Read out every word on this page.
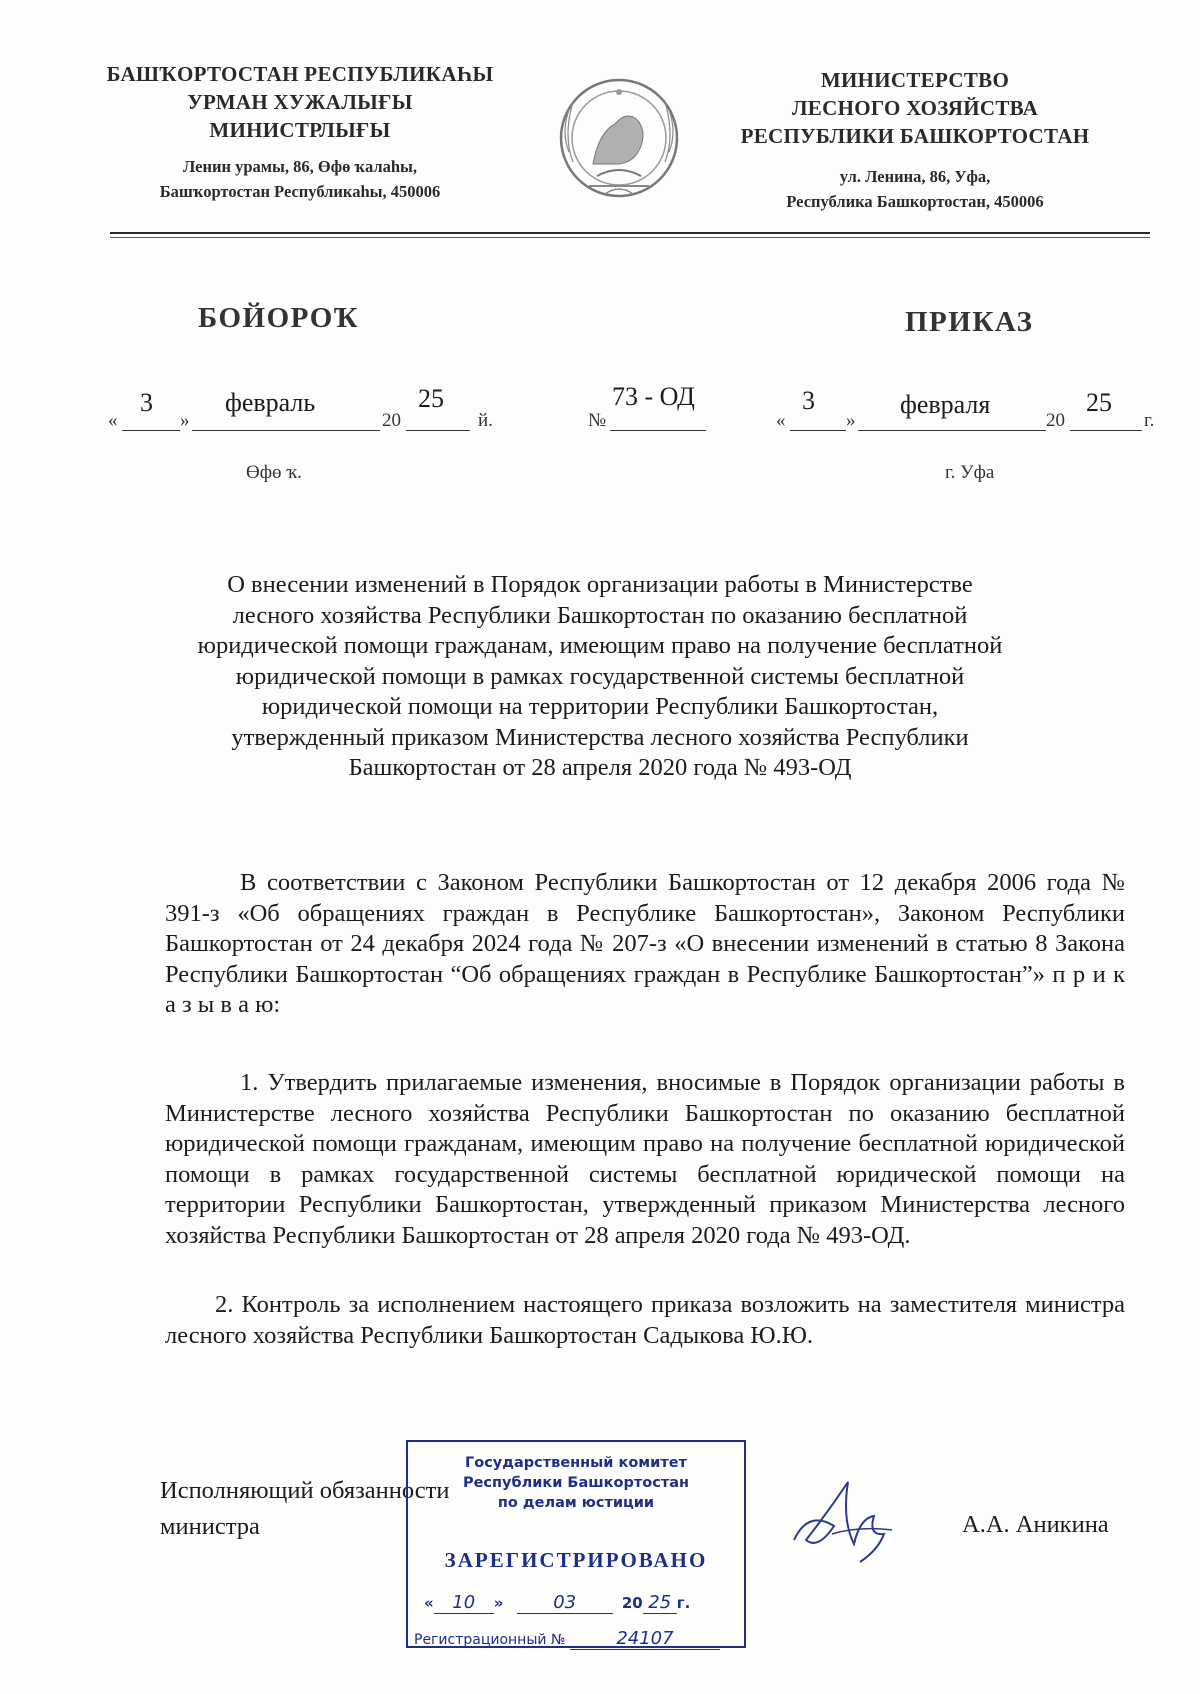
БАШҠОРТОСТАН РЕСПУБЛИКАҺЫ
УРМАН ХУЖАЛЫҒЫ
МИНИСТРЛЫҒЫ
Ленин урамы, 86, Өфө ҡалаһы,
Башҡортостан Республикаһы, 450006
МИНИСТЕРСТВО
ЛЕСНОГО ХОЗЯЙСТВА
РЕСПУБЛИКИ БАШКОРТОСТАН
ул. Ленина, 86, Уфа,
Республика Башкортостан, 450006
БОЙОРОҠ	ПРИКАЗ
«
3
»
февраль
20
25
й.	№
73 - ОД
«
3
»
февраля
20
25
г.
Өфө ҡ.	г. Уфа
О внесении изменений в Порядок организации работы в Министерстве
лесного хозяйства Республики Башкортостан по оказанию бесплатной
юридической помощи гражданам, имеющим право на получение бесплатной
юридической помощи в рамках государственной системы бесплатной
юридической помощи на территории Республики Башкортостан,
утвержденный приказом Министерства лесного хозяйства Республики
Башкортостан от 28 апреля 2020 года № 493-ОД
В соответствии с Законом Республики Башкортостан от 12 декабря 2006 года № 391-з «Об обращениях граждан в Республике Башкортостан», Законом Республики Башкортостан от 24 декабря 2024 года № 207-з «О внесении изменений в статью 8 Закона Республики Башкортостан “Об обращениях граждан в Республике Башкортостан”» п р и к а з ы в а ю:
1. Утвердить прилагаемые изменения, вносимые в Порядок организации работы в Министерстве лесного хозяйства Республики Башкортостан по оказанию бесплатной юридической помощи гражданам, имеющим право на получение бесплатной юридической помощи в рамках государственной системы бесплатной юридической помощи на территории Республики Башкортостан, утвержденный приказом Министерства лесного хозяйства Республики Башкортостан от 28 апреля 2020 года № 493-ОД.
2. Контроль за исполнением настоящего приказа возложить на заместителя министра лесного хозяйства Республики Башкортостан Садыкова Ю.Ю.
Исполняющий обязанности
министра	А.А. Аникина
Государственный комитет
Республики Башкортостан
по делам юстиции
ЗАРЕГИСТРИРОВАНО
« 10 »	03	20 25 г.
Регистрационный №	24107
